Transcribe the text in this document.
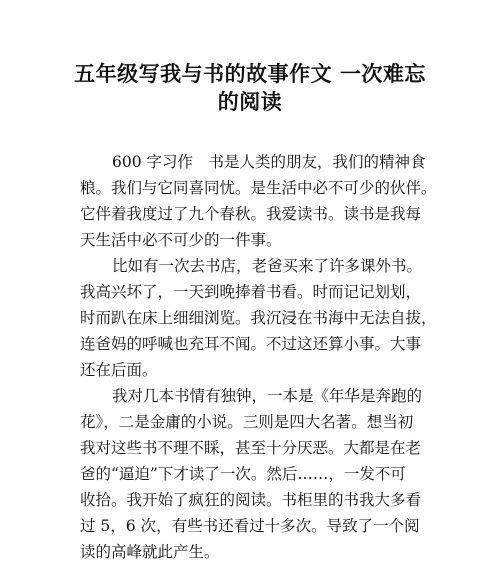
五年级写我与书的故事作文 一次难忘
的阅读
600 字习作　书是人类的朋友，我们的精神食
粮。我们与它同喜同忧。是生活中必不可少的伙伴。
它伴着我度过了九个春秋。我爱读书。读书是我每
天生活中必不可少的一件事。
比如有一次去书店，老爸买来了许多课外书。
我高兴坏了，一天到晚捧着书看。时而记记划划，
时而趴在床上细细浏览。我沉浸在书海中无法自拔，
连爸妈的呼喊也充耳不闻。不过这还算小事。大事
还在后面。
我对几本书情有独钟，一本是《年华是奔跑的
花》，二是金庸的小说。三则是四大名著。想当初
我对这些书不理不睬，甚至十分厌恶。大都是在老
爸的“逼迫”下才读了一次。然后……，一发不可
收拾。我开始了疯狂的阅读。书柜里的书我大多看
过 5，6 次，有些书还看过十多次。导致了一个阅
读的高峰就此产生。
